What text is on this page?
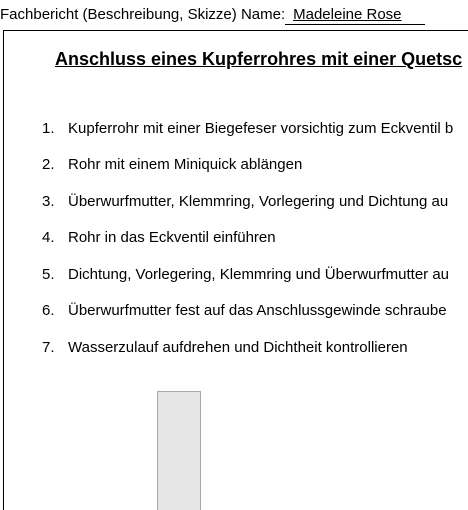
Fachbericht (Beschreibung, Skizze) Name: Madeleine Rose
Anschluss eines Kupferrohres mit einer Quetsc
1. Kupferrohr mit einer Biegefeser vorsichtig zum Eckventil b
2. Rohr mit einem Miniquick ablängen
3. Überwurfmutter, Klemmring, Vorlegering und Dichtung au
4. Rohr in das Eckventil einführen
5. Dichtung, Vorlegering, Klemmring und Überwurfmutter au
6. Überwurfmutter fest auf das Anschlussgewinde schraube
7. Wasserzulauf aufdrehen und Dichtheit kontrollieren
